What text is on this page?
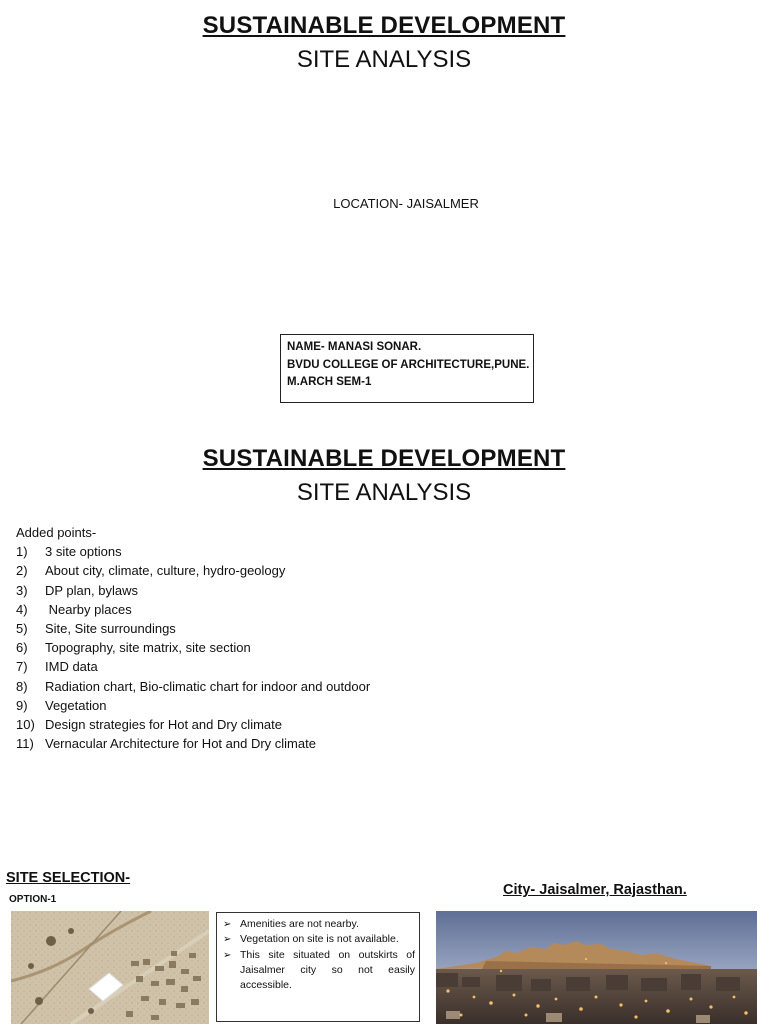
SUSTAINABLE DEVELOPMENT
SITE ANALYSIS
LOCATION- JAISALMER
NAME- MANASI SONAR.
BVDU COLLEGE OF ARCHITECTURE,PUNE.
M.ARCH SEM-1
SUSTAINABLE DEVELOPMENT
SITE ANALYSIS
Added points-
1)	3 site options
2)	About city, climate, culture, hydro-geology
3)	DP plan, bylaws
4)	Nearby places
5)	Site, Site surroundings
6)	Topography, site matrix, site section
7)	IMD data
8)	Radiation chart, Bio-climatic chart for indoor and outdoor
9)	Vegetation
10) Design strategies for Hot and Dry climate
11) Vernacular Architecture for Hot and Dry climate
SITE SELECTION-
OPTION-1
City- Jaisalmer, Rajasthan.
➢ Amenities are not nearby.
➢ Vegetation on site is not available.
➢ This site situated on outskirts of Jaisalmer city so not easily accessible.
